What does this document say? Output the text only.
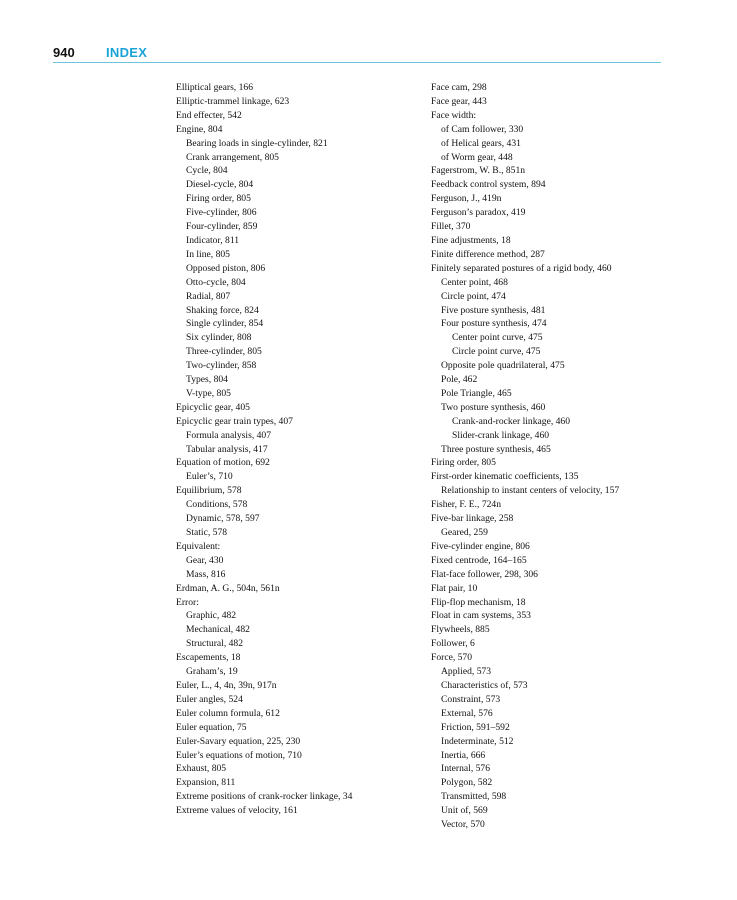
940 INDEX
Elliptical gears, 166
Elliptic-trammel linkage, 623
End effecter, 542
Engine, 804
Bearing loads in single-cylinder, 821
Crank arrangement, 805
Cycle, 804
Diesel-cycle, 804
Firing order, 805
Five-cylinder, 806
Four-cylinder, 859
Indicator, 811
In line, 805
Opposed piston, 806
Otto-cycle, 804
Radial, 807
Shaking force, 824
Single cylinder, 854
Six cylinder, 808
Three-cylinder, 805
Two-cylinder, 858
Types, 804
V-type, 805
Epicyclic gear, 405
Epicyclic gear train types, 407
Formula analysis, 407
Tabular analysis, 417
Equation of motion, 692
Euler’s, 710
Equilibrium, 578
Conditions, 578
Dynamic, 578, 597
Static, 578
Equivalent:
Gear, 430
Mass, 816
Erdman, A. G., 504n, 561n
Error:
Graphic, 482
Mechanical, 482
Structural, 482
Escapements, 18
Graham’s, 19
Euler, L., 4, 4n, 39n, 917n
Euler angles, 524
Euler column formula, 612
Euler equation, 75
Euler-Savary equation, 225, 230
Euler’s equations of motion, 710
Exhaust, 805
Expansion, 811
Extreme positions of crank-rocker linkage, 34
Extreme values of velocity, 161
Face cam, 298
Face gear, 443
Face width:
of Cam follower, 330
of Helical gears, 431
of Worm gear, 448
Fagerstrom, W. B., 851n
Feedback control system, 894
Ferguson, J., 419n
Ferguson’s paradox, 419
Fillet, 370
Fine adjustments, 18
Finite difference method, 287
Finitely separated postures of a rigid body, 460
Center point, 468
Circle point, 474
Five posture synthesis, 481
Four posture synthesis, 474
Center point curve, 475
Circle point curve, 475
Opposite pole quadrilateral, 475
Pole, 462
Pole Triangle, 465
Two posture synthesis, 460
Crank-and-rocker linkage, 460
Slider-crank linkage, 460
Three posture synthesis, 465
Firing order, 805
First-order kinematic coefficients, 135
Relationship to instant centers of velocity, 157
Fisher, F. E., 724n
Five-bar linkage, 258
Geared, 259
Five-cylinder engine, 806
Fixed centrode, 164–165
Flat-face follower, 298, 306
Flat pair, 10
Flip-flop mechanism, 18
Float in cam systems, 353
Flywheels, 885
Follower, 6
Force, 570
Applied, 573
Characteristics of, 573
Constraint, 573
External, 576
Friction, 591–592
Indeterminate, 512
Inertia, 666
Internal, 576
Polygon, 582
Transmitted, 598
Unit of, 569
Vector, 570
